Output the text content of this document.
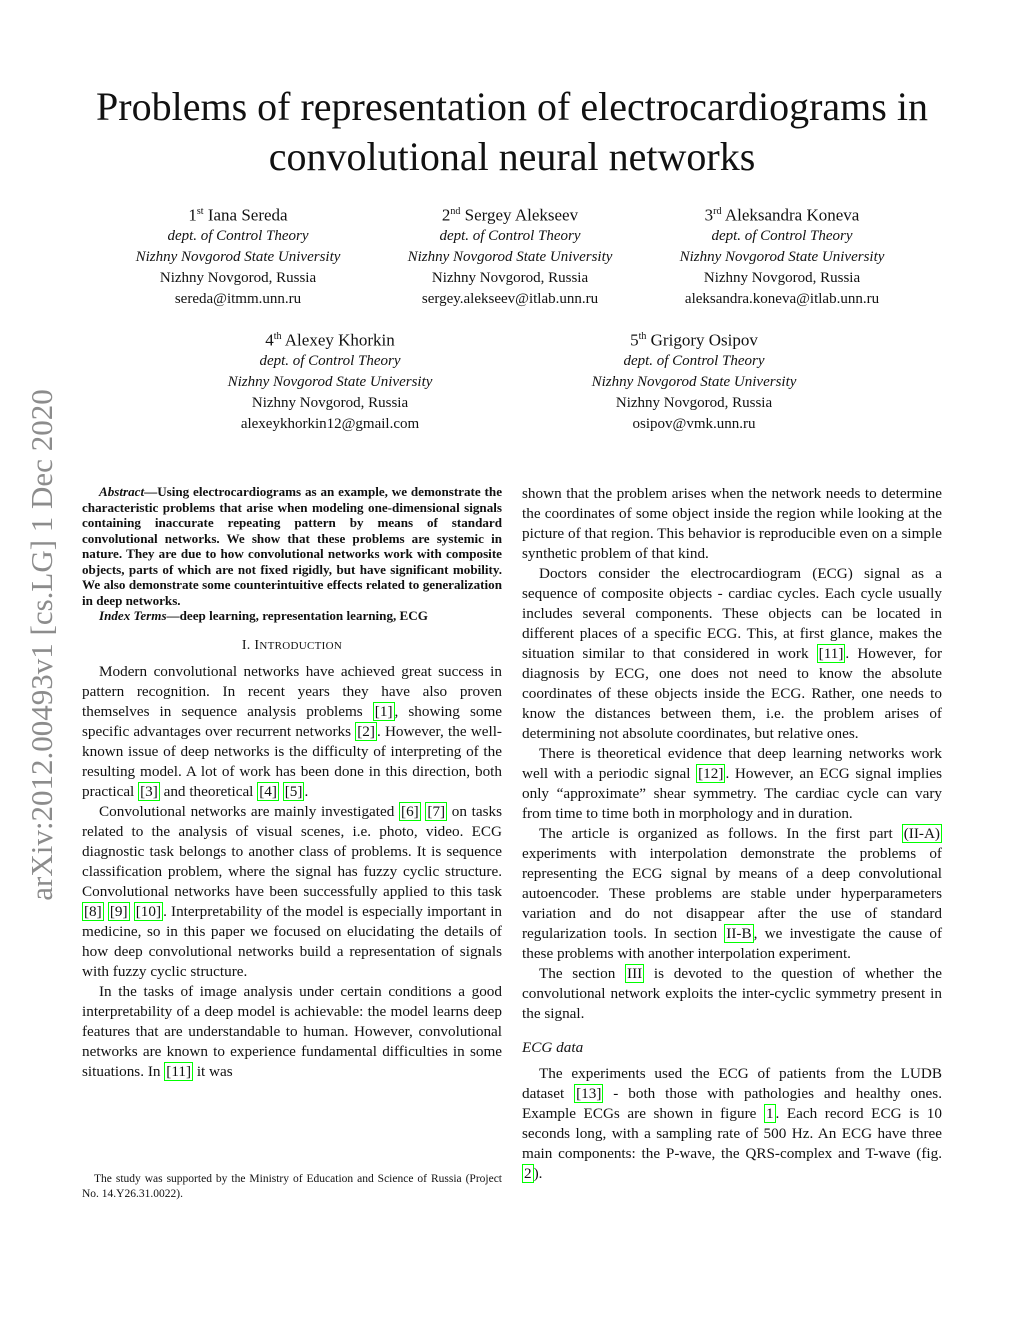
arXiv:2012.00493v1 [cs.LG] 1 Dec 2020
Problems of representation of electrocardiograms in
convolutional neural networks
1st Iana Sereda
dept. of Control Theory
Nizhny Novgorod State University
Nizhny Novgorod, Russia
sereda@itmm.unn.ru
2nd Sergey Alekseev
dept. of Control Theory
Nizhny Novgorod State University
Nizhny Novgorod, Russia
sergey.alekseev@itlab.unn.ru
3rd Aleksandra Koneva
dept. of Control Theory
Nizhny Novgorod State University
Nizhny Novgorod, Russia
aleksandra.koneva@itlab.unn.ru
4th Alexey Khorkin
dept. of Control Theory
Nizhny Novgorod State University
Nizhny Novgorod, Russia
alexeykhorkin12@gmail.com
5th Grigory Osipov
dept. of Control Theory
Nizhny Novgorod State University
Nizhny Novgorod, Russia
osipov@vmk.unn.ru

Abstract—Using electrocardiograms as an example, we demonstrate the characteristic problems that arise when modeling one-dimensional signals containing inaccurate repeating pattern by means of standard convolutional networks. We show that these problems are systemic in nature. They are due to how convolutional networks work with composite objects, parts of which are not fixed rigidly, but have significant mobility. We also demonstrate some counterintuitive effects related to generalization in deep networks.

Index Terms—deep learning, representation learning, ECG

I. INTRODUCTION

Modern convolutional networks have achieved great success in pattern recognition. In recent years they have also proven themselves in sequence analysis problems [1] , showing some specific advantages over recurrent networks [2] . However, the well-known issue of deep networks is the difficulty of interpreting of the resulting model. A lot of work has been done in this direction, both practical [3] and theoretical [4] [5] .

Convolutional networks are mainly investigated [6] [7] on tasks related to the analysis of visual scenes, i.e. photo, video. ECG diagnostic task belongs to another class of problems. It is sequence classification problem, where the signal has fuzzy cyclic structure. Convolutional networks have been successfully applied to this task [8] [9] [10] . Interpretability of the model is especially important in medicine, so in this paper we focused on elucidating the details of how deep convolutional networks build a representation of signals with fuzzy cyclic structure.

In the tasks of image analysis under certain conditions a good interpretability of a deep model is achievable: the model learns deep features that are understandable to human. However, convolutional networks are known to experience fundamental difficulties in some situations. In [11] it was

The study was supported by the Ministry of Education and Science of Russia (Project No. 14.Y26.31.0022).

shown that the problem arises when the network needs to determine the coordinates of some object inside the region while looking at the picture of that region. This behavior is reproducible even on a simple synthetic problem of that kind.

Doctors consider the electrocardiogram (ECG) signal as a sequence of composite objects - cardiac cycles. Each cycle usually includes several components. These objects can be located in different places of a specific ECG. This, at first glance, makes the situation similar to that considered in work [11] . However, for diagnosis by ECG, one does not need to know the absolute coordinates of these objects inside the ECG. Rather, one needs to know the distances between them, i.e. the problem arises of determining not absolute coordinates, but relative ones.

There is theoretical evidence that deep learning networks work well with a periodic signal [12] . However, an ECG signal implies only “approximate” shear symmetry. The cardiac cycle can vary from time to time both in morphology and in duration.

The article is organized as follows. In the first part (II-A) experiments with interpolation demonstrate the problems of representing the ECG signal by means of a deep convolutional autoencoder. These problems are stable under hyperparameters variation and do not disappear after the use of standard regularization tools. In section II-B , we investigate the cause of these problems with another interpolation experiment.

The section III is devoted to the question of whether the convolutional network exploits the inter-cyclic symmetry present in the signal.

ECG data

The experiments used the ECG of patients from the LUDB dataset [13] - both those with pathologies and healthy ones. Example ECGs are shown in figure 1 . Each record ECG is 10 seconds long, with a sampling rate of 500 Hz. An ECG have three main components: the P-wave, the QRS-complex and T-wave (fig. 2 ).
